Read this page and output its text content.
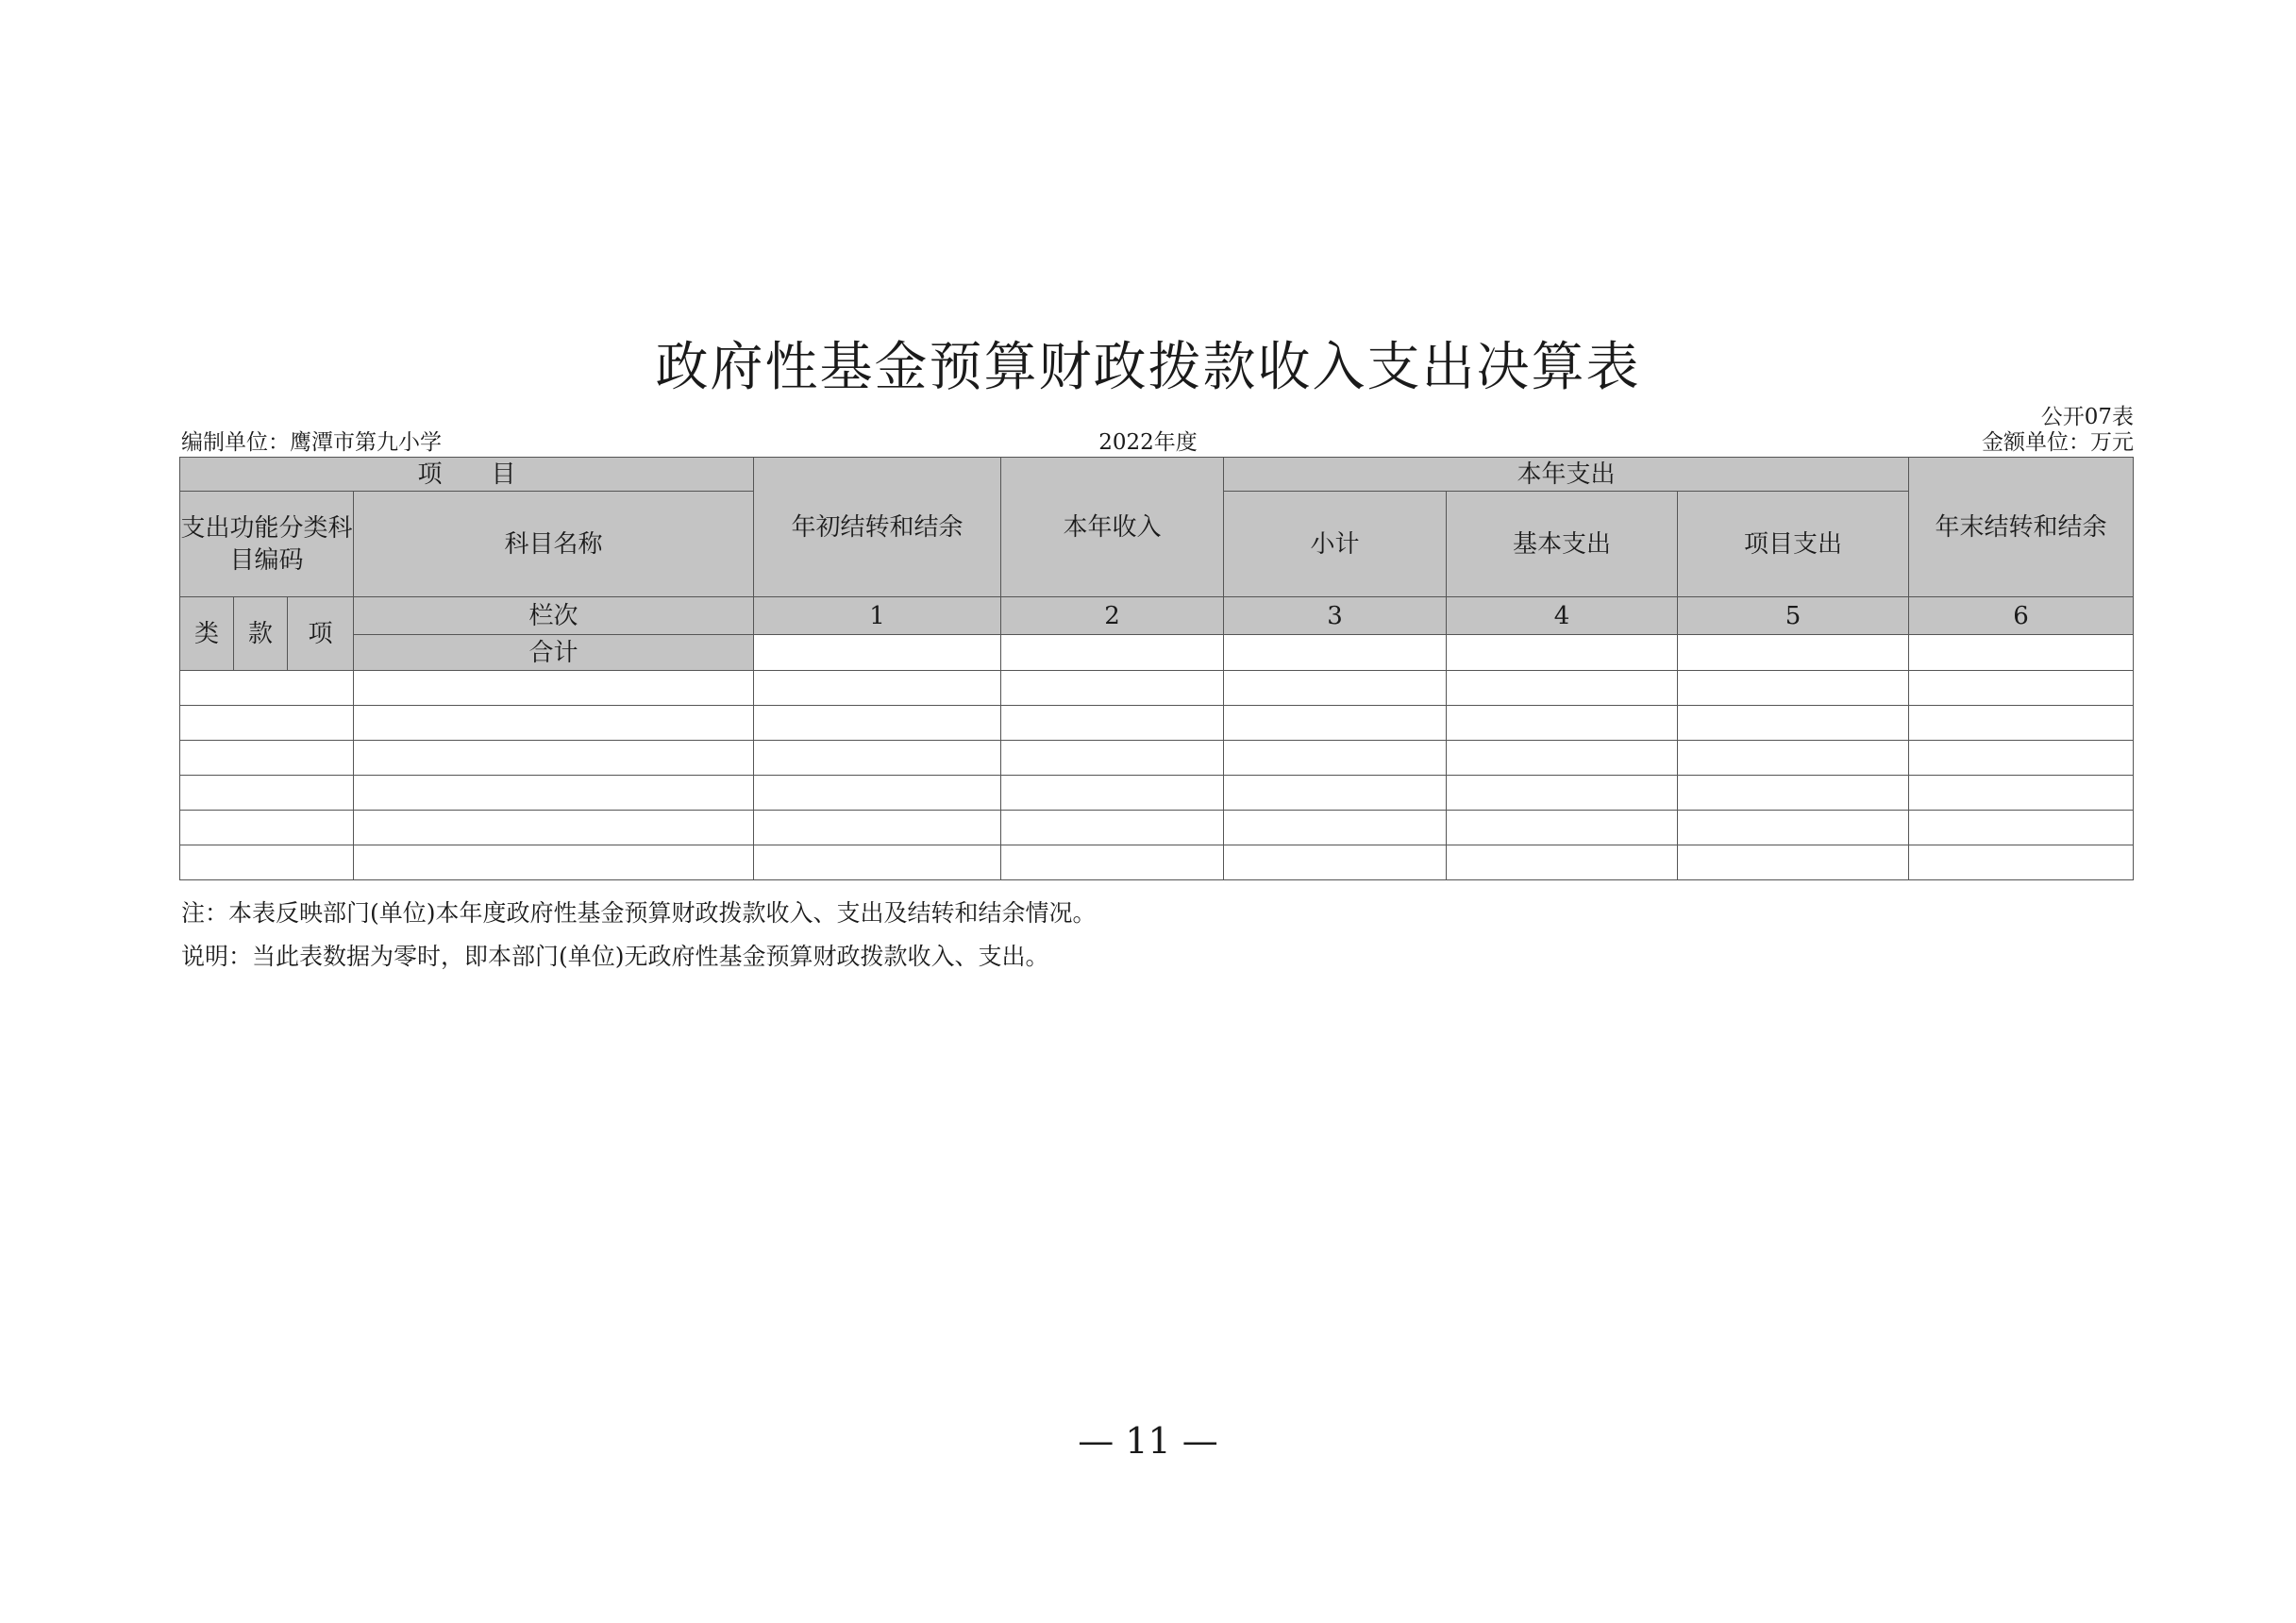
政府性基金预算财政拨款收入支出决算表
编制单位：鹰潭市第九小学	2022年度
公开07表
金额单位：万元
项　　目				年初结转和结余	本年收入	本年支出			年末结转和结余
支出功能分类科目编码			科目名称			小计	基本支出	项目支出	
类	款	项	栏次	1	2	3	4	5	6
			合计						

注：本表反映部门(单位)本年度政府性基金预算财政拨款收入、支出及结转和结余情况。
说明：当此表数据为零时，即本部门(单位)无政府性基金预算财政拨款收入、支出。
— 11 —
